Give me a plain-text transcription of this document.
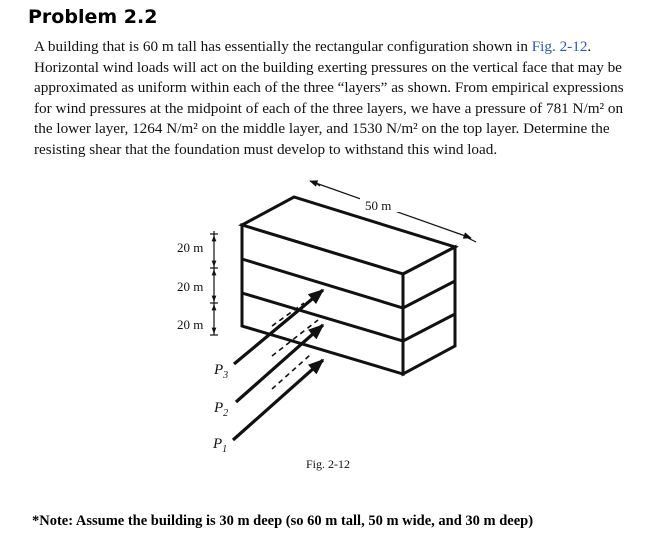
Problem 2.2
A building that is 60 m tall has essentially the rectangular configuration shown in Fig. 2-12.
Horizontal wind loads will act on the building exerting pressures on the vertical face that may be
approximated as uniform within each of the three “layers” as shown. From empirical expressions
for wind pressures at the midpoint of each of the three layers, we have a pressure of 781 N/m² on
the lower layer, 1264 N/m² on the middle layer, and 1530 N/m² on the top layer. Determine the
resisting shear that the foundation must develop to withstand this wind load.
50 m
20 m
20 m
20 m
$P_3$
$P_2$
$P_1$
Fig. 2-12
*Note: Assume the building is 30 m deep (so 60 m tall, 50 m wide, and 30 m deep)
